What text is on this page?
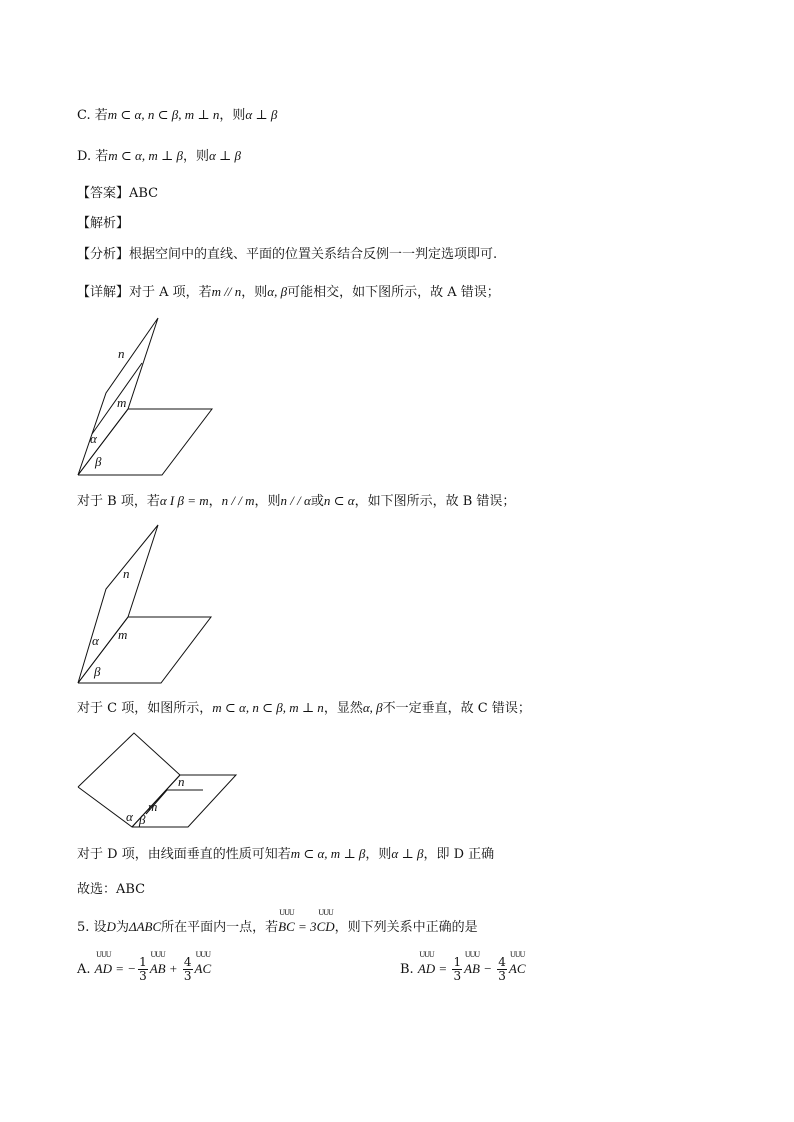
C. 若m ⊂ α, n ⊂ β, m ⊥ n，则α ⊥ β
D. 若m ⊂ α, m ⊥ β，则α ⊥ β
【答案】ABC
【解析】
【分析】根据空间中的直线、平面的位置关系结合反例一一判定选项即可.
【详解】对于 A 项，若m // n，则α, β可能相交，如下图所示，故 A 错误；
n
m
α
β
对于 B 项，若α I β = m，n / / m，则n / / α或n ⊂ α，如下图所示，故 B 错误；
n
m
α
β
对于 C 项，如图所示，m ⊂ α, n ⊂ β, m ⊥ n，显然α, β不一定垂直，故 C 错误；
n
m
α β
对于 D 项，由线面垂直的性质可知若m ⊂ α, m ⊥ β，则α ⊥ β，即 D 正确
故选：ABC
5. 设D为ΔABC所在平面内一点，若
UUU
BC = 3
UUU
CD，则下列关系中正确的是
A.
UUU
AD = − $\frac{1}{3}$
UUU
AB + $\frac{4}{3}$
UUU
AC	B.
UUU
AD = $\frac{1}{3}$
UUU
AB − $\frac{4}{3}$
UUU
AC
